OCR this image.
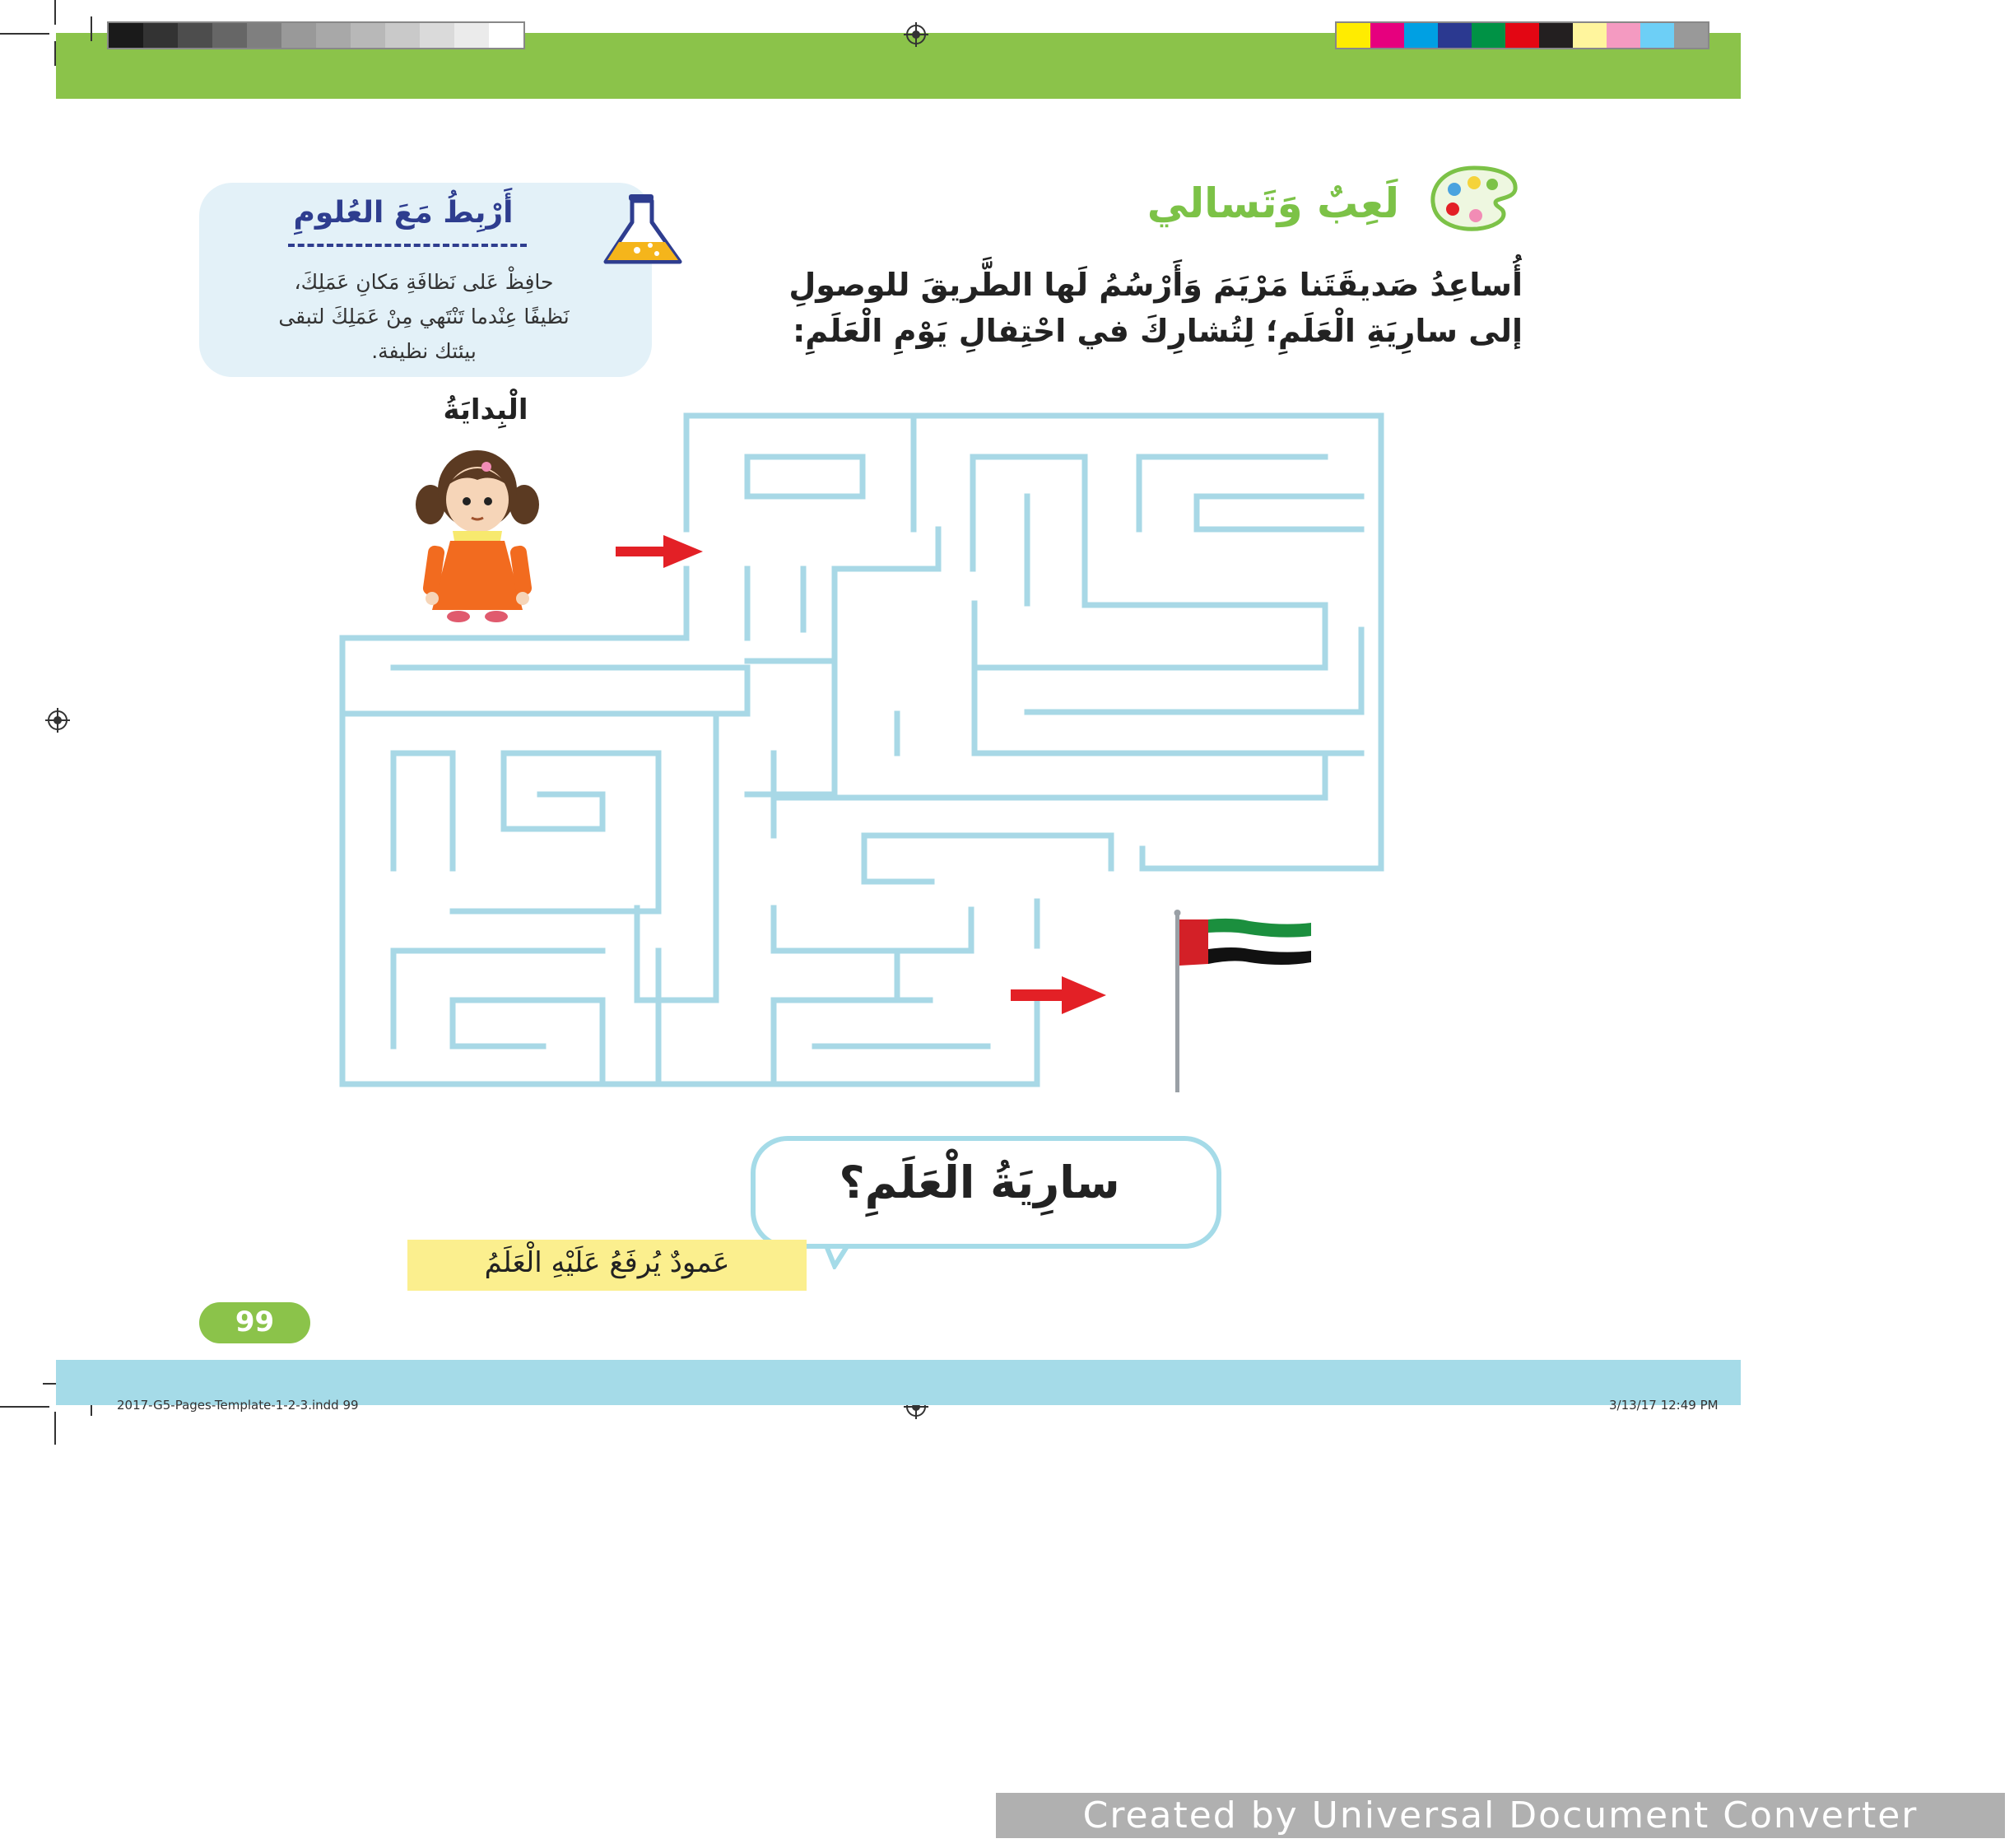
لَعِبٌ وَتَسالي
أُساعِدُ صَديقَتَنا مَرْيَمَ وَأَرْسُمُ لَها الطَّريقَ للوصولِ
إلى سارِيَةِ الْعَلَمِ؛ لِتُشارِكَ في احْتِفالِ يَوْمِ الْعَلَمِ:
أَرْبِطُ مَعَ العُلومِ
حافِظْ عَلى نَظافَةِ مَكانِ عَمَلِكَ،
نَظيفًا عِنْدما تَنْتَهي مِنْ عَمَلِكَ لتبقى
بيئتك نظيفة.
الْبِدايَةُ
سارِيَةُ الْعَلَمِ؟
عَمودٌ يُرفَعُ عَلَيْهِ الْعَلَمُ
99
2017-G5-Pages-Template-1-2-3.indd 99	3/13/17 12:49 PM
Created by Universal Document Converter
